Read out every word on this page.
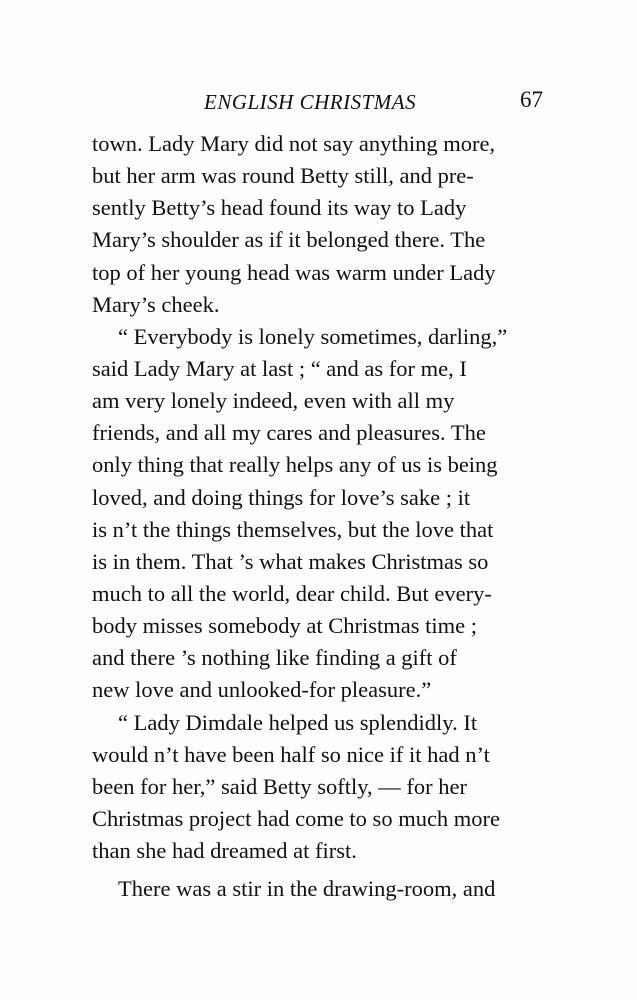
ENGLISH CHRISTMAS	67
town. Lady Mary did not say anything more,
but her arm was round Betty still, and pre-
sently Betty’s head found its way to Lady
Mary’s shoulder as if it belonged there. The
top of her young head was warm under Lady
Mary’s cheek.
“ Everybody is lonely sometimes, darling,”
said Lady Mary at last ; “ and as for me, I
am very lonely indeed, even with all my
friends, and all my cares and pleasures. The
only thing that really helps any of us is being
loved, and doing things for love’s sake ; it
is n’t the things themselves, but the love that
is in them. That ’s what makes Christmas so
much to all the world, dear child. But every-
body misses somebody at Christmas time ;
and there ’s nothing like finding a gift of
new love and unlooked-for pleasure.”
“ Lady Dimdale helped us splendidly. It
would n’t have been half so nice if it had n’t
been for her,” said Betty softly, — for her
Christmas project had come to so much more
than she had dreamed at first.
There was a stir in the drawing-room, and
